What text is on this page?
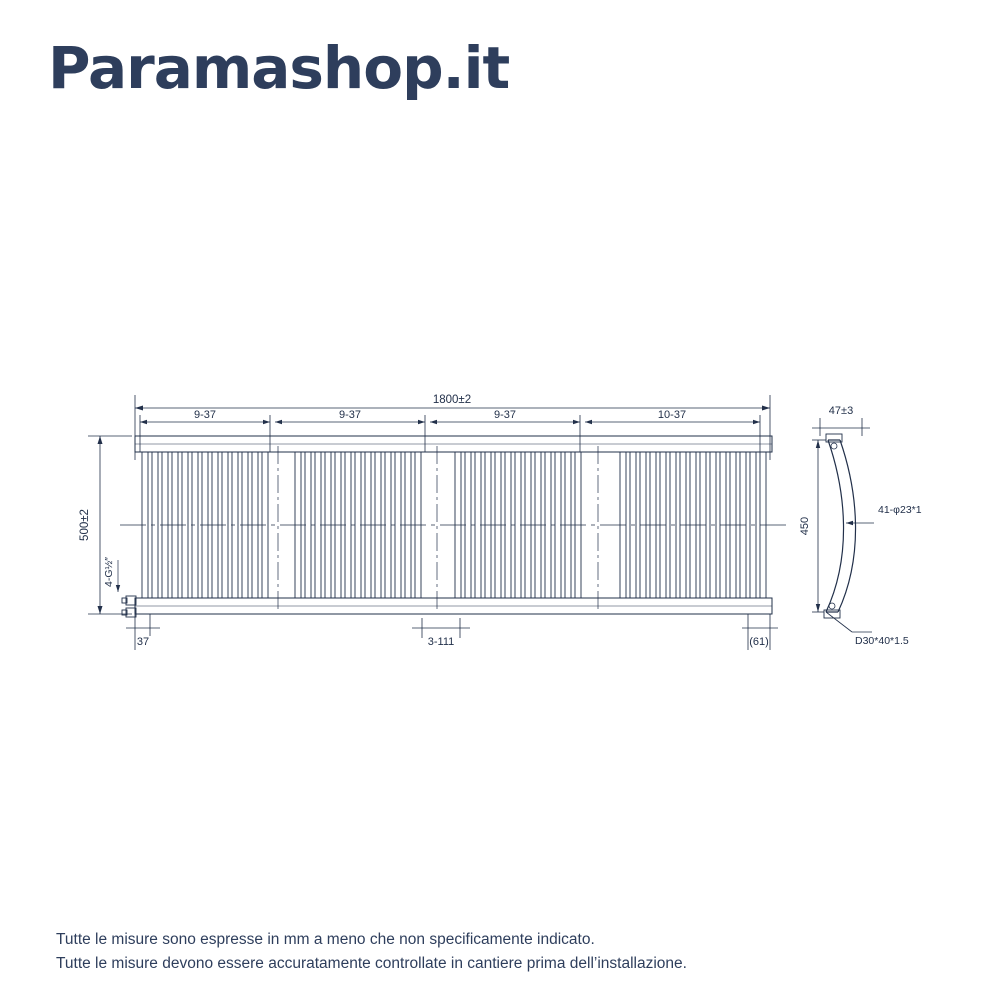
Paramashop.it
1800±2
9-37	9-37	9-37	10-37
500±2
4-G½″
37	3-111	(61)
47±3
450
41-φ23*1
D30*40*1.5
Tutte le misure sono espresse in mm a meno che non specificamente indicato.
Tutte le misure devono essere accuratamente controllate in cantiere prima dell’installazione.
